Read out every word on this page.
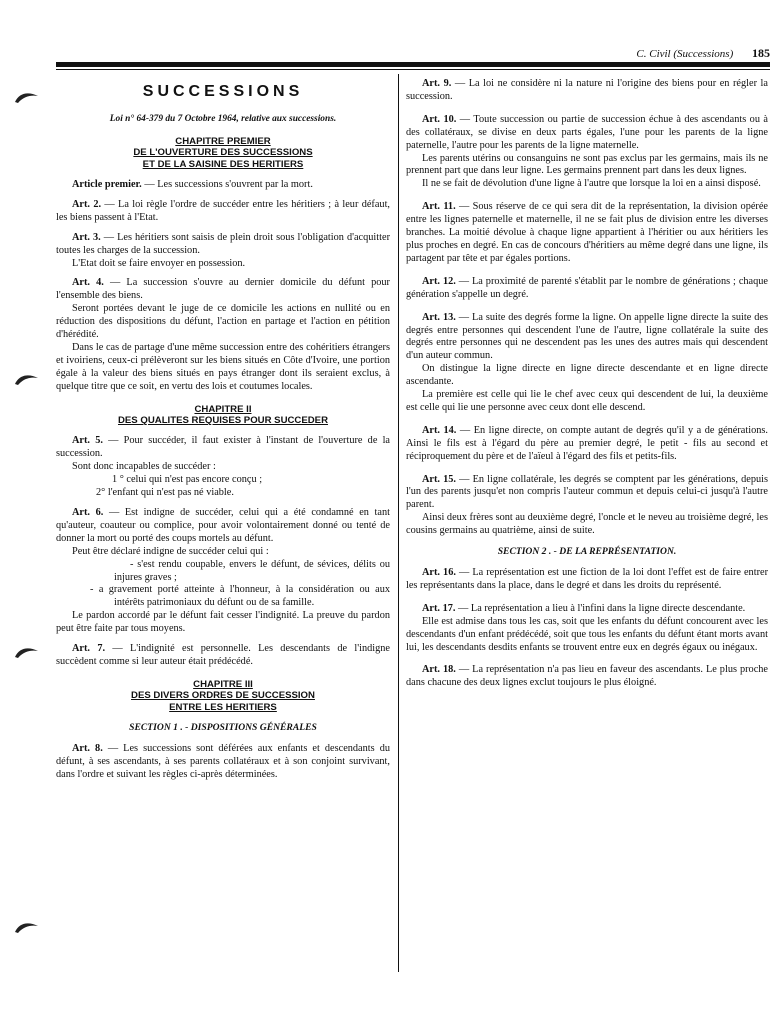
C. Civil (Successions) 185
SUCCESSIONS
Loi n° 64-379 du 7 Octobre 1964, relative aux successions.
CHAPITRE PREMIER
DE L'OUVERTURE DES SUCCESSIONS
ET DE LA SAISINE DES HERITIERS

Article premier. — Les successions s'ouvrent par la mort.

Art. 2. — La loi règle l'ordre de succéder entre les héritiers ; à leur défaut, les biens passent à l'Etat.

Art. 3. — Les héritiers sont saisis de plein droit sous l'obligation d'acquitter toutes les charges de la succession.

L'Etat doit se faire envoyer en possession.

Art. 4. — La succession s'ouvre au dernier domicile du défunt pour l'ensemble des biens.

Seront portées devant le juge de ce domicile les actions en nullité ou en réduction des dispositions du défunt, l'action en partage et l'action en pétition d'hérédité.

Dans le cas de partage d'une même succession entre des cohéritiers étrangers et ivoiriens, ceux-ci prélèveront sur les biens situés en Côte d'Ivoire, une portion égale à la valeur des biens situés en pays étranger dont ils seraient exclus, à quelque titre que ce soit, en vertu des lois et coutumes locales.

CHAPITRE II
DES QUALITES REQUISES POUR SUCCEDER

Art. 5. — Pour succéder, il faut exister à l'instant de l'ouverture de la succession.

Sont donc incapables de succéder :

1 ° celui qui n'est pas encore conçu ;

2° l'enfant qui n'est pas né viable.

Art. 6. — Est indigne de succéder, celui qui a été condamné en tant qu'auteur, coauteur ou complice, pour avoir volontairement donné ou tenté de donner la mort ou porté des coups mortels au défunt.

Peut être déclaré indigne de succéder celui qui :

- s'est rendu coupable, envers le défunt, de sévices, délits ou injures graves ;

- a gravement porté atteinte à l'honneur, à la considération ou aux intérêts patrimoniaux du défunt ou de sa famille.

Le pardon accordé par le défunt fait cesser l'indignité. La preuve du pardon peut être faite par tous moyens.

Art. 7. — L'indignité est personnelle. Les descendants de l'indigne succèdent comme si leur auteur était prédécédé.

CHAPITRE III
DES DIVERS ORDRES DE SUCCESSION
ENTRE LES HERITIERS
SECTION 1 . - DISPOSITIONS GÉNÉRALES

Art. 8. — Les successions sont déférées aux enfants et descendants du défunt, à ses ascendants, à ses parents collatéraux et à son conjoint survivant, dans l'ordre et suivant les règles ci-après déterminées.

Art. 9. — La loi ne considère ni la nature ni l'origine des biens pour en régler la succession.

Art. 10. — Toute succession ou partie de succession échue à des ascendants ou à des collatéraux, se divise en deux parts égales, l'une pour les parents de la ligne paternelle, l'autre pour les parents de la ligne maternelle.

Les parents utérins ou consanguins ne sont pas exclus par les germains, mais ils ne prennent part que dans leur ligne. Les germains prennent part dans les deux lignes.

Il ne se fait de dévolution d'une ligne à l'autre que lorsque la loi en a ainsi disposé.

Art. 11. — Sous réserve de ce qui sera dit de la représentation, la division opérée entre les lignes paternelle et maternelle, il ne se fait plus de division entre les diverses branches. La moitié dévolue à chaque ligne appartient à l'héritier ou aux héritiers les plus proches en degré. En cas de concours d'héritiers au même degré dans une ligne, ils partagent par tête et par égales portions.

Art. 12. — La proximité de parenté s'établit par le nombre de générations ; chaque génération s'appelle un degré.

Art. 13. — La suite des degrés forme la ligne. On appelle ligne directe la suite des degrés entre personnes qui descendent l'une de l'autre, ligne collatérale la suite des degrés entre personnes qui ne descendent pas les unes des autres mais qui descendent d'un auteur commun.

On distingue la ligne directe en ligne directe descendante et en ligne directe ascendante.

La première est celle qui lie le chef avec ceux qui descendent de lui, la deuxième est celle qui lie une personne avec ceux dont elle descend.

Art. 14. — En ligne directe, on compte autant de degrés qu'il y a de générations. Ainsi le fils est à l'égard du père au premier degré, le petit - fils au second et réciproquement du père et de l'aïeul à l'égard des fils et petits-fils.

Art. 15. — En ligne collatérale, les degrés se comptent par les générations, depuis l'un des parents jusqu'et non compris l'auteur commun et depuis celui-ci jusqu'à l'autre parent.

Ainsi deux frères sont au deuxième degré, l'oncle et le neveu au troisième degré, les cousins germains au quatrième, ainsi de suite.

SECTION 2 . - DE LA REPRÉSENTATION.

Art. 16. — La représentation est une fiction de la loi dont l'effet est de faire entrer les représentants dans la place, dans le degré et dans les droits du représenté.

Art. 17. — La représentation a lieu à l'infini dans la ligne directe descendante.

Elle est admise dans tous les cas, soit que les enfants du défunt concourent avec les descendants d'un enfant prédécédé, soit que tous les enfants du défunt étant morts avant lui, les descendants desdits enfants se trouvent entre eux en degrés égaux ou inégaux.

Art. 18. — La représentation n'a pas lieu en faveur des ascendants. Le plus proche dans chacune des deux lignes exclut toujours le plus éloigné.
